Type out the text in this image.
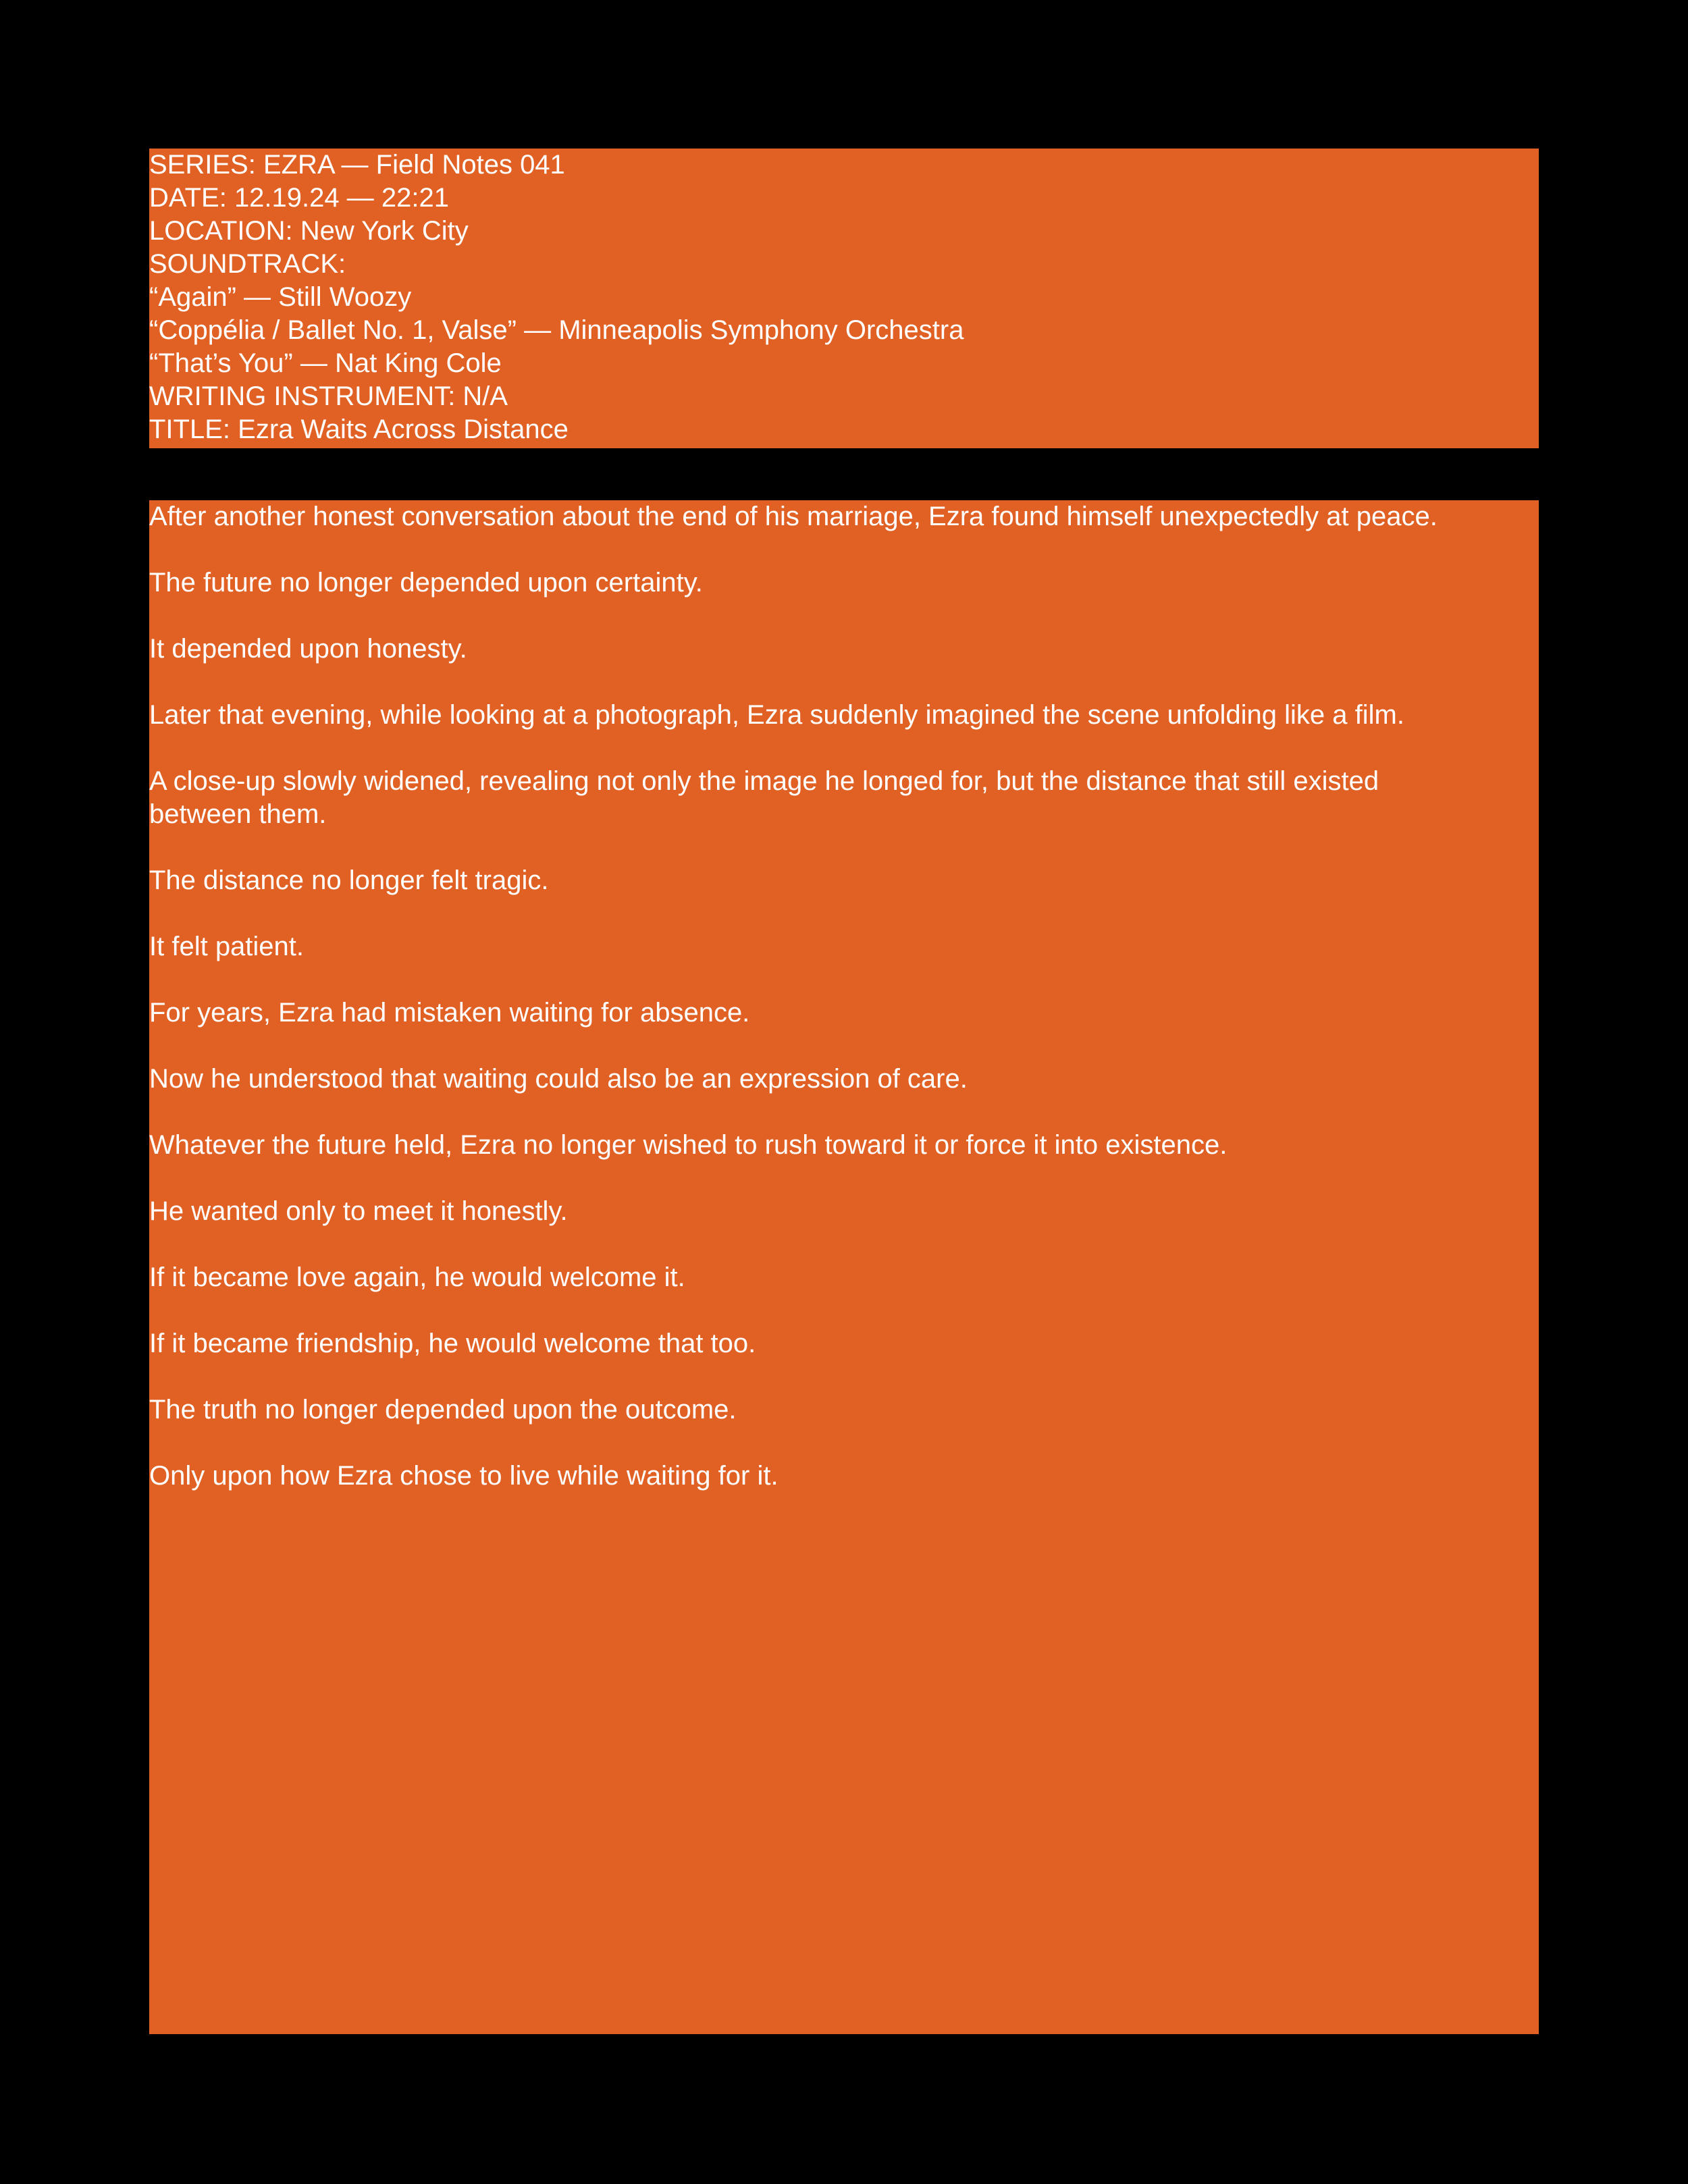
SERIES: EZRA — Field Notes 041
DATE: 12.19.24 — 22:21
LOCATION: New York City
SOUNDTRACK:
“Again” — Still Woozy
“Coppélia / Ballet No. 1, Valse” — Minneapolis Symphony Orchestra
“That’s You” — Nat King Cole
WRITING INSTRUMENT: N/A
TITLE: Ezra Waits Across Distance
After another honest conversation about the end of his marriage, Ezra found himself unexpectedly at peace.
The future no longer depended upon certainty.
It depended upon honesty.
Later that evening, while looking at a photograph, Ezra suddenly imagined the scene unfolding like a film.
A close-up slowly widened, revealing not only the image he longed for, but the distance that still existed
between them.
The distance no longer felt tragic.
It felt patient.
For years, Ezra had mistaken waiting for absence.
Now he understood that waiting could also be an expression of care.
Whatever the future held, Ezra no longer wished to rush toward it or force it into existence.
He wanted only to meet it honestly.
If it became love again, he would welcome it.
If it became friendship, he would welcome that too.
The truth no longer depended upon the outcome.
Only upon how Ezra chose to live while waiting for it.
